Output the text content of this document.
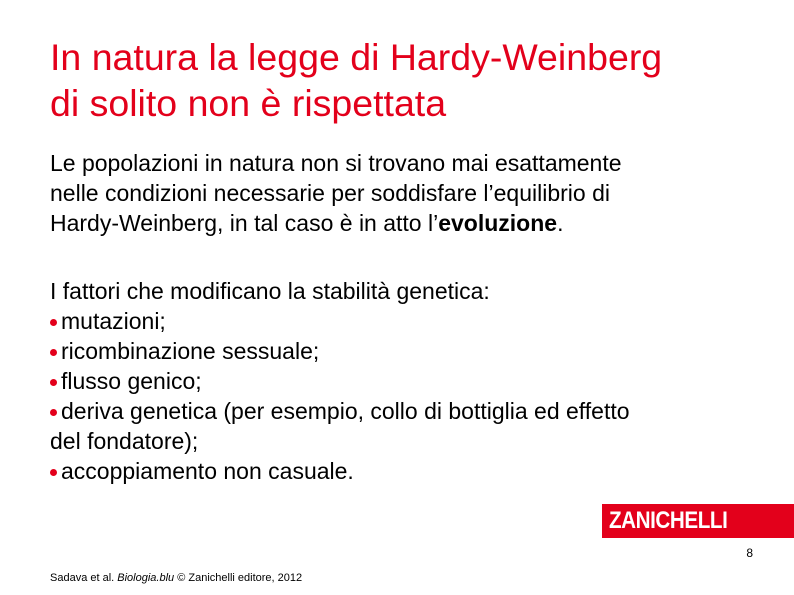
In natura la legge di Hardy-Weinberg
di solito non è rispettata

Le popolazioni in natura non si trovano mai esattamente
nelle condizioni necessarie per soddisfare l’equilibrio di
Hardy-Weinberg, in tal caso è in atto l’evoluzione.

I fattori che modificano la stabilità genetica:
mutazioni;
ricombinazione sessuale;
flusso genico;
deriva genetica (per esempio, collo di bottiglia ed effetto
del fondatore);
accoppiamento non casuale.
ZANICHELLI
8
Sadava et al. Biologia.blu © Zanichelli editore, 2012
